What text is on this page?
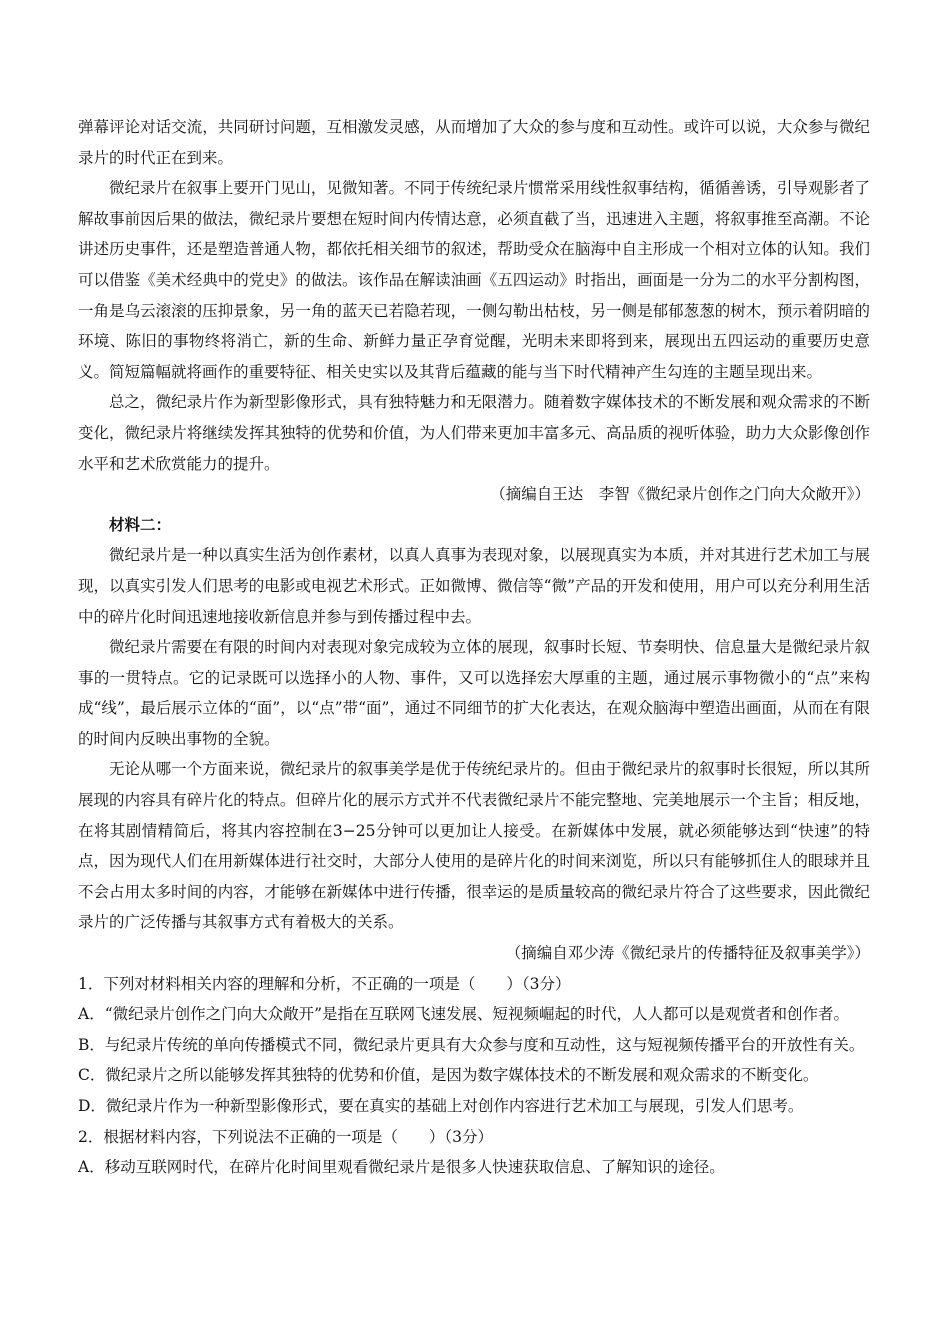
弹幕评论对话交流，共同研讨问题，互相激发灵感，从而增加了大众的参与度和互动性。或许可以说，大众参与微纪录片的时代正在到来。

微纪录片在叙事上要开门见山，见微知著。不同于传统纪录片惯常采用线性叙事结构，循循善诱，引导观影者了解故事前因后果的做法，微纪录片要想在短时间内传情达意，必须直截了当，迅速进入主题，将叙事推至高潮。不论讲述历史事件，还是塑造普通人物，都依托相关细节的叙述，帮助受众在脑海中自主形成一个相对立体的认知。我们可以借鉴《美术经典中的党史》的做法。该作品在解读油画《五四运动》时指出，画面是一分为二的水平分割构图，一角是乌云滚滚的压抑景象，另一角的蓝天已若隐若现，一侧勾勒出枯枝，另一侧是郁郁葱葱的树木，预示着阴暗的环境、陈旧的事物终将消亡，新的生命、新鲜力量正孕育觉醒，光明未来即将到来，展现出五四运动的重要历史意义。简短篇幅就将画作的重要特征、相关史实以及其背后蕴藏的能与当下时代精神产生勾连的主题呈现出来。

总之，微纪录片作为新型影像形式，具有独特魅力和无限潜力。随着数字媒体技术的不断发展和观众需求的不断变化，微纪录片将继续发挥其独特的优势和价值，为人们带来更加丰富多元、高品质的视听体验，助力大众影像创作水平和艺术欣赏能力的提升。

（摘编自王达　李智《微纪录片创作之门向大众敞开》）

材料二：

微纪录片是一种以真实生活为创作素材，以真人真事为表现对象，以展现真实为本质，并对其进行艺术加工与展现，以真实引发人们思考的电影或电视艺术形式。正如微博、微信等“微”产品的开发和使用，用户可以充分利用生活中的碎片化时间迅速地接收新信息并参与到传播过程中去。

微纪录片需要在有限的时间内对表现对象完成较为立体的展现，叙事时长短、节奏明快、信息量大是微纪录片叙事的一贯特点。它的记录既可以选择小的人物、事件，又可以选择宏大厚重的主题，通过展示事物微小的“点”来构成“线”，最后展示立体的“面”，以“点”带“面”，通过不同细节的扩大化表达，在观众脑海中塑造出画面，从而在有限的时间内反映出事物的全貌。

无论从哪一个方面来说，微纪录片的叙事美学是优于传统纪录片的。但由于微纪录片的叙事时长很短，所以其所展现的内容具有碎片化的特点。但碎片化的展示方式并不代表微纪录片不能完整地、完美地展示一个主旨；相反地，在将其剧情精简后，将其内容控制在3−25分钟可以更加让人接受。在新媒体中发展，就必须能够达到“快速”的特点，因为现代人们在用新媒体进行社交时，大部分人使用的是碎片化的时间来浏览，所以只有能够抓住人的眼球并且不会占用太多时间的内容，才能够在新媒体中进行传播，很幸运的是质量较高的微纪录片符合了这些要求，因此微纪录片的广泛传播与其叙事方式有着极大的关系。

（摘编自邓少涛《微纪录片的传播特征及叙事美学》）

1．下列对材料相关内容的理解和分析，不正确的一项是（　　）（3分）

A．“微纪录片创作之门向大众敞开”是指在互联网飞速发展、短视频崛起的时代，人人都可以是观赏者和创作者。

B．与纪录片传统的单向传播模式不同，微纪录片更具有大众参与度和互动性，这与短视频传播平台的开放性有关。

C．微纪录片之所以能够发挥其独特的优势和价值，是因为数字媒体技术的不断发展和观众需求的不断变化。

D．微纪录片作为一种新型影像形式，要在真实的基础上对创作内容进行艺术加工与展现，引发人们思考。

2．根据材料内容，下列说法不正确的一项是（　　）（3分）

A．移动互联网时代，在碎片化时间里观看微纪录片是很多人快速获取信息、了解知识的途径。
